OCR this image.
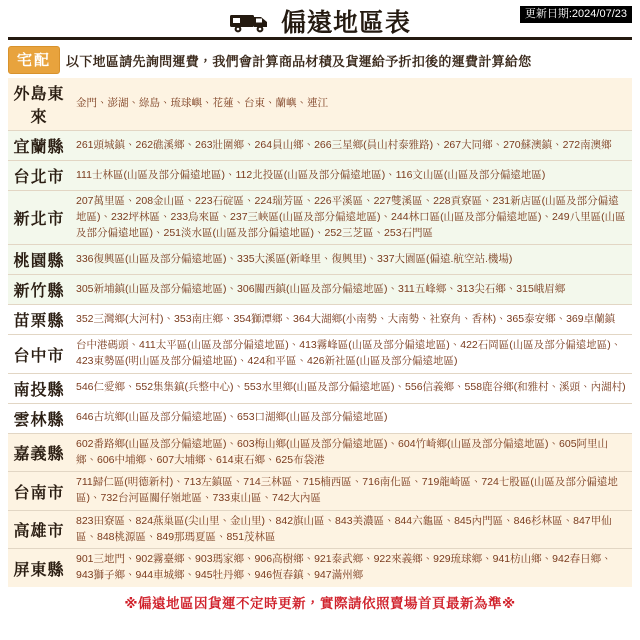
更新日期:2024/07/23
偏遠地區表
宅配	以下地區請先詢問運費，我們會計算商品材積及貨運給予折扣後的運費計算給您
外島東來	金門、澎湖、綠島、琉球嶼、花蓮、台東、蘭嶼、連江
宜蘭縣	261頭城鎮、262礁溪鄉、263壯圍鄉、264員山鄉、266三星鄉(員山村泰雅路)、267大同鄉、270蘇澳鎮、272南澳鄉
台北市	111士林區(山區及部分偏遠地區)、112北投區(山區及部分偏遠地區)、116文山區(山區及部分偏遠地區)
新北市	207萬里區、208金山區、223石碇區、224瑞芳區、226平溪區、227雙溪區、228貢寮區、231新店區(山區及部分偏遠地區)、232坪林區、233烏來區、237三峽區(山區及部分偏遠地區)、244林口區(山區及部分偏遠地區)、249八里區(山區及部分偏遠地區)、251淡水區(山區及部分偏遠地區)、252三芝區、253石門區
桃園縣	336復興區(山區及部分偏遠地區)、335大溪區(新峰里、復興里)、337大園區(偏遠.航空站.機場)
新竹縣	305新埔鎮(山區及部分偏遠地區)、306關西鎮(山區及部分偏遠地區)、311五峰鄉、313尖石鄉、315峨眉鄉
苗栗縣	352三灣鄉(大河村)、353南庄鄉、354獅潭鄉、364大湖鄉(小南勢、大南勢、社寮角、香林)、365泰安鄉、369卓蘭鎮
台中市	台中港碼頭、411太平區(山區及部分偏遠地區)、413霧峰區(山區及部分偏遠地區)、422石岡區(山區及部分偏遠地區)、423東勢區(明山區及部分偏遠地區)、424和平區、426新社區(山區及部分偏遠地區)
南投縣	546仁愛鄉、552集集鎮(兵整中心)、553水里鄉(山區及部分偏遠地區)、556信義鄉、558鹿谷鄉(和雅村、溪頭、內湖村)
雲林縣	646古坑鄉(山區及部分偏遠地區)、653口湖鄉(山區及部分偏遠地區)
嘉義縣	602番路鄉(山區及部分偏遠地區)、603梅山鄉(山區及部分偏遠地區)、604竹崎鄉(山區及部分偏遠地區)、605阿里山鄉、606中埔鄉、607大埔鄉、614東石鄉、625布袋港
台南市	711歸仁區(明德新村)、713左鎮區、714三林區、715楠西區、716南化區、719龍崎區、724七股區(山區及部分偏遠地區)、732台河區關仔嶺地區、733東山區、742大內區
高雄市	823田寮區、824燕巢區(尖山里、金山里)、842旗山區、843美濃區、844六龜區、845內門區、846杉林區、847甲仙區、848桃源區、849那瑪夏區、851茂林區
屏東縣	901三地門、902霧臺鄉、903瑪家鄉、906高樹鄉、921泰武鄉、922來義鄉、929琉球鄉、941枋山鄉、942春日鄉、943獅子鄉、944車城鄉、945牡丹鄉、946恆春鎮、947滿州鄉
※偏遠地區因貨運不定時更新，實際請依照賣場首頁最新為準※
